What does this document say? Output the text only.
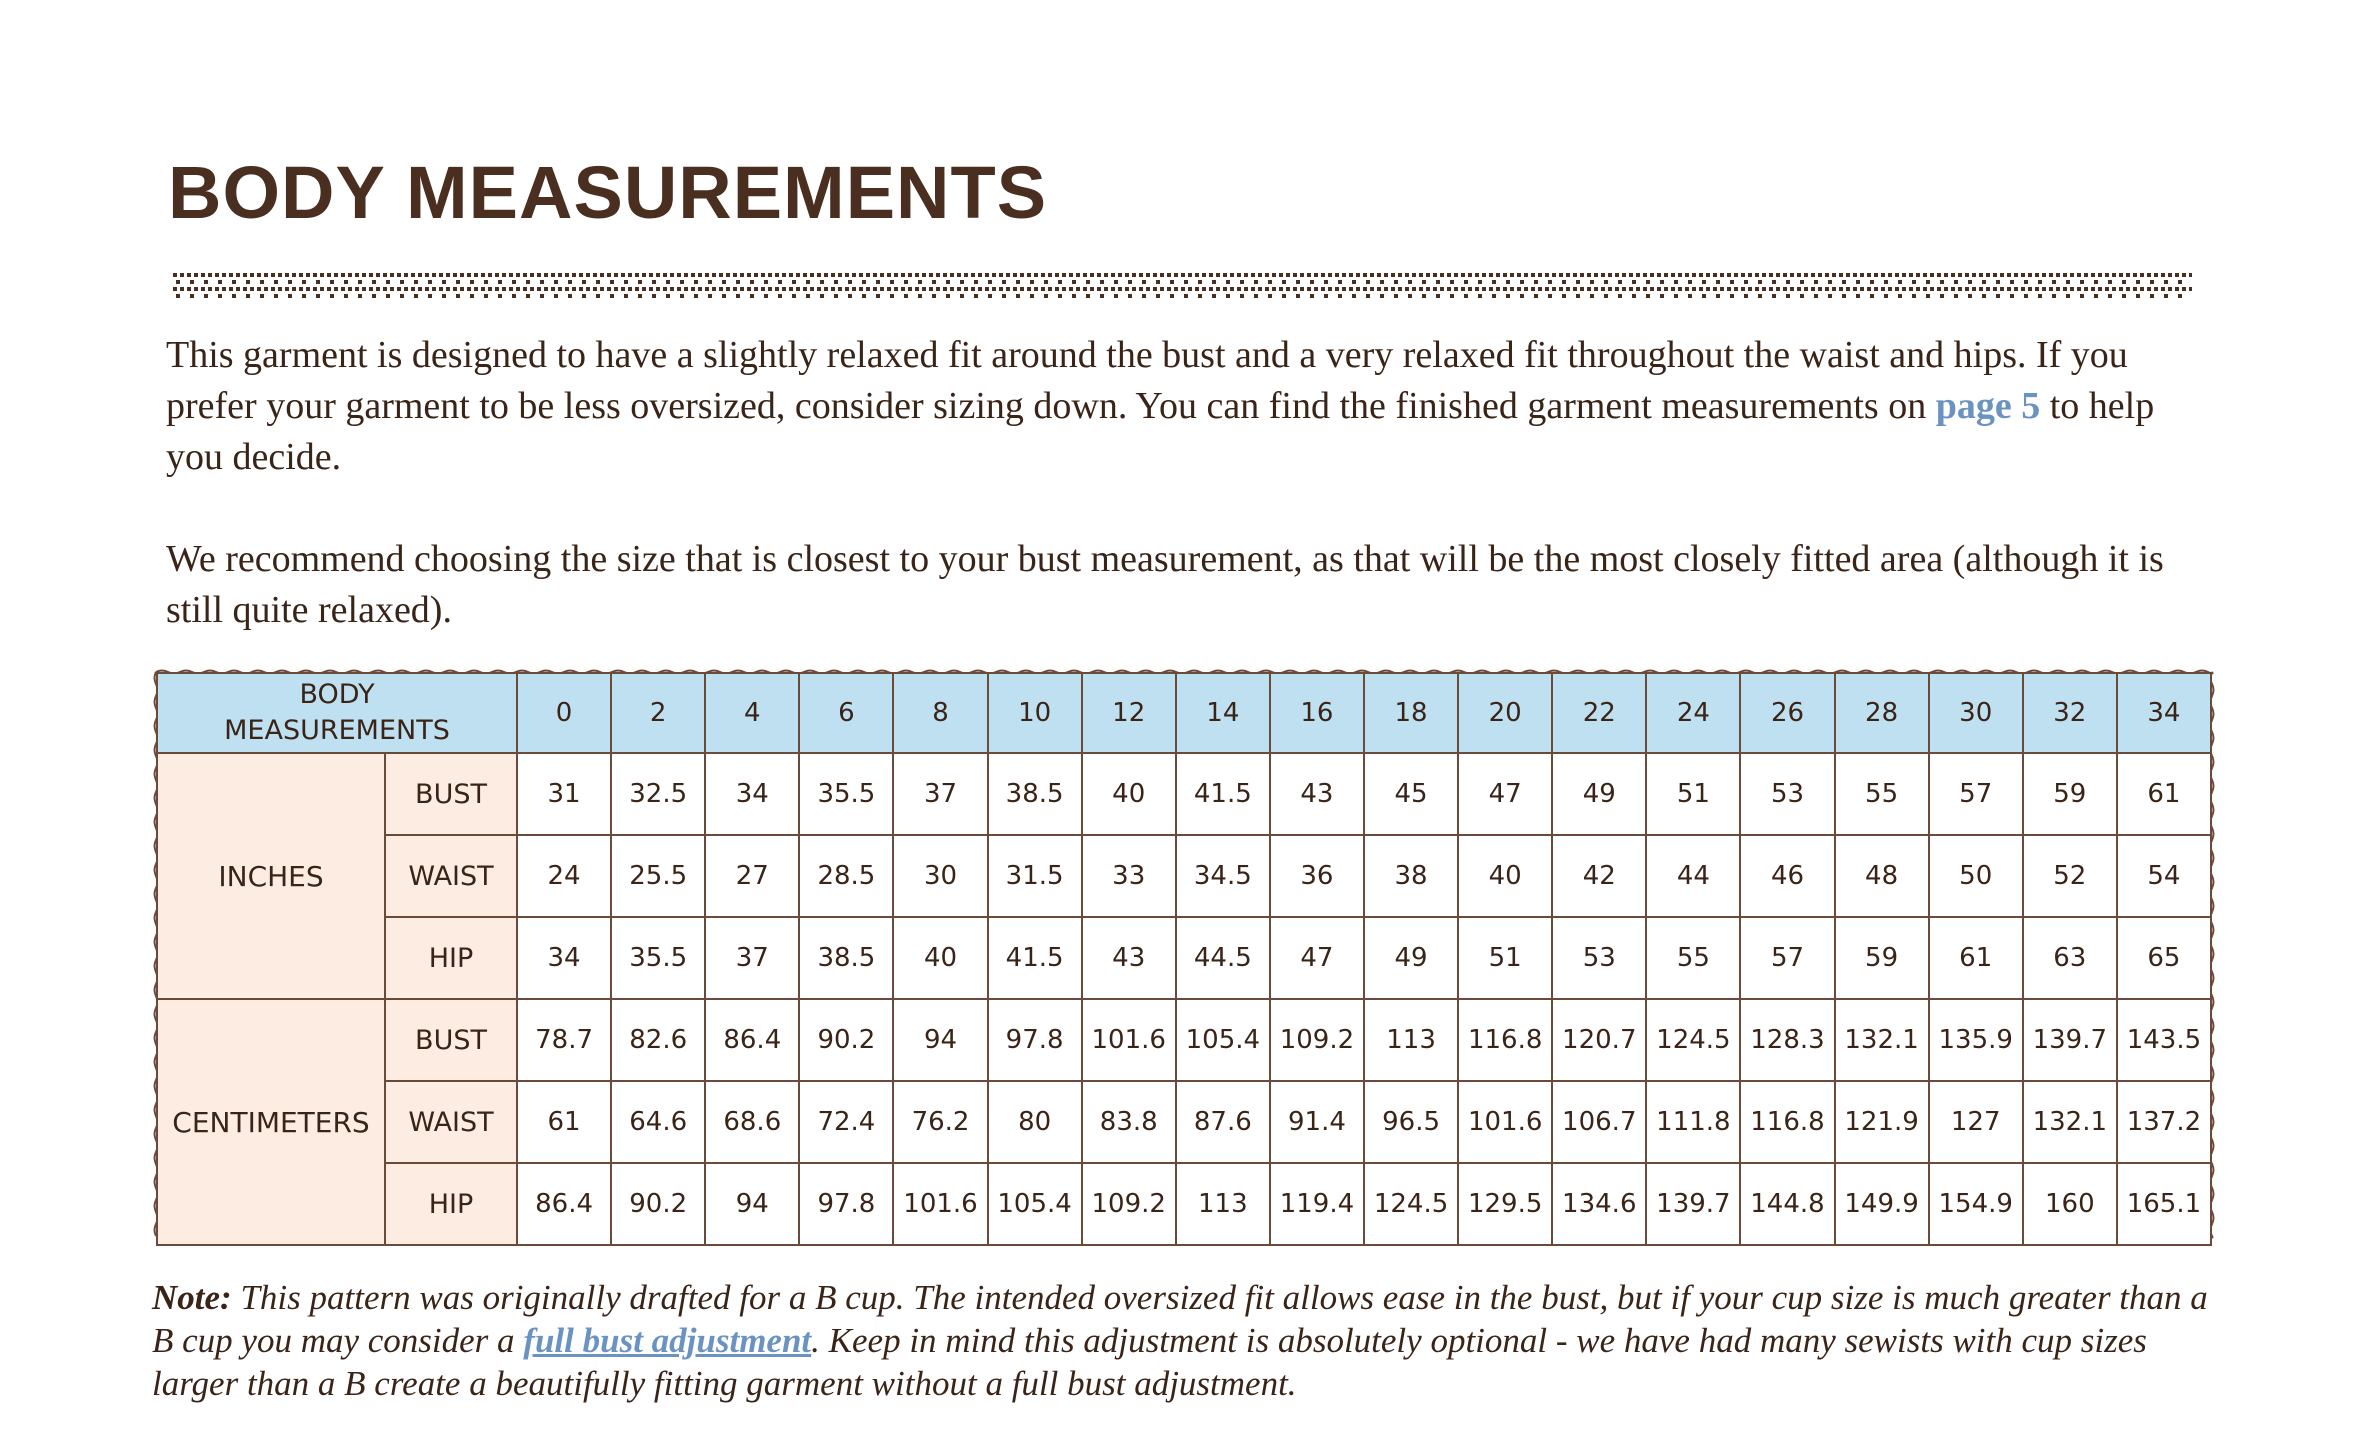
BODY MEASUREMENTS

This garment is designed to have a slightly relaxed fit around the bust and a very relaxed fit throughout the waist and hips. If you prefer your garment to be less oversized, consider sizing down. You can find the finished garment measurements on page 5 to help you decide.

We recommend choosing the size that is closest to your bust measurement, as that will be the most closely fitted area (although it is still quite relaxed).

BODY
MEASUREMENTS		0	2	4	6	8	10	12	14	16	18	20	22	24	26	28	30	32	34
INCHES	BUST	31	32.5	34	35.5	37	38.5	40	41.5	43	45	47	49	51	53	55	57	59	61
	WAIST	24	25.5	27	28.5	30	31.5	33	34.5	36	38	40	42	44	46	48	50	52	54
	HIP	34	35.5	37	38.5	40	41.5	43	44.5	47	49	51	53	55	57	59	61	63	65
CENTIMETERS	BUST	78.7	82.6	86.4	90.2	94	97.8	101.6	105.4	109.2	113	116.8	120.7	124.5	128.3	132.1	135.9	139.7	143.5
	WAIST	61	64.6	68.6	72.4	76.2	80	83.8	87.6	91.4	96.5	101.6	106.7	111.8	116.8	121.9	127	132.1	137.2
	HIP	86.4	90.2	94	97.8	101.6	105.4	109.2	113	119.4	124.5	129.5	134.6	139.7	144.8	149.9	154.9	160	165.1

Note: This pattern was originally drafted for a B cup. The intended oversized fit allows ease in the bust, but if your cup size is much greater than a B cup you may consider a full bust adjustment. Keep in mind this adjustment is absolutely optional - we have had many sewists with cup sizes larger than a B create a beautifully fitting garment without a full bust adjustment.
